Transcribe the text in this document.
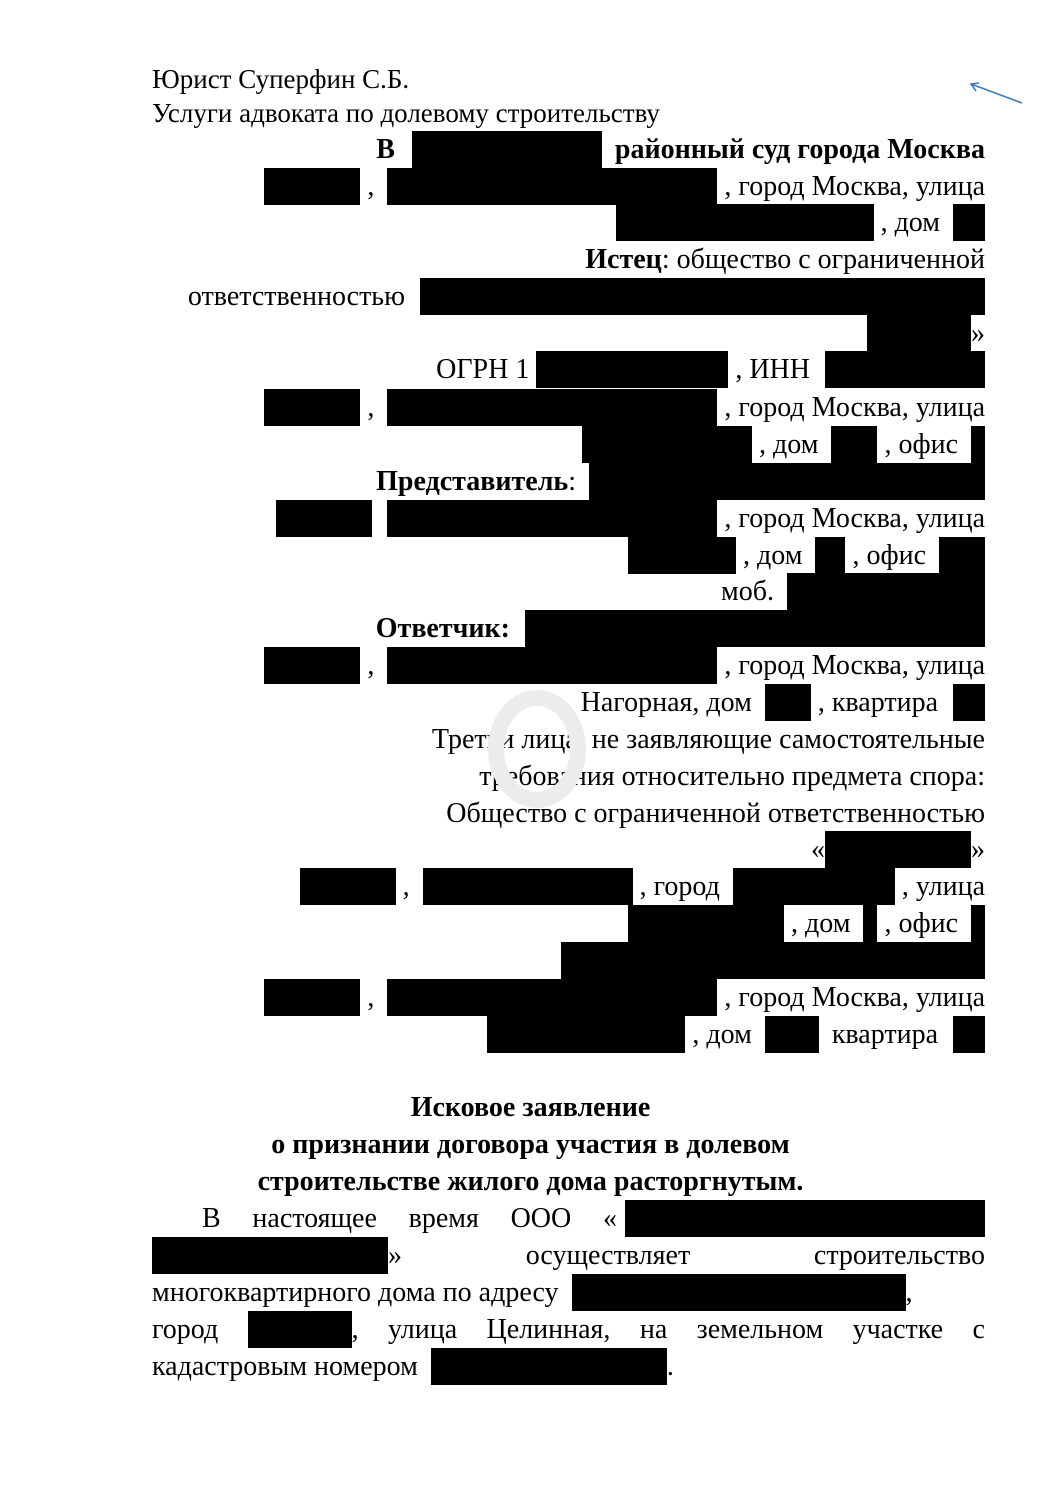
Юрист Суперфин С.Б.
Услуги адвоката по долевому строительству
В	районный суд города Москва
,	, город Москва, улица
, дом
Истец: общество с ограниченной
ответственностью
»
ОГРН 1	, ИНН
,	, город Москва, улица
, дом , офис
Представитель:
, город Москва, улица
, дом , офис
моб.
Ответчик:
,	, город Москва, улица
Нагорная, дом , квартира
Третьи лица, не заявляющие самостоятельные
требования относительно предмета спора:
Общество с ограниченной ответственностью
«	»
,	, город	, улица
, дом , офис
,	, город Москва, улица
, дом	квартира
Исковое заявление
о признании договора участия в долевом
строительстве жилого дома расторгнутым.
В настоящее время ООО «
»	осуществляет	строительство
многоквартирного дома по адресу	,
город	, улица Целинная, на земельном участке с
кадастровым номером	.
